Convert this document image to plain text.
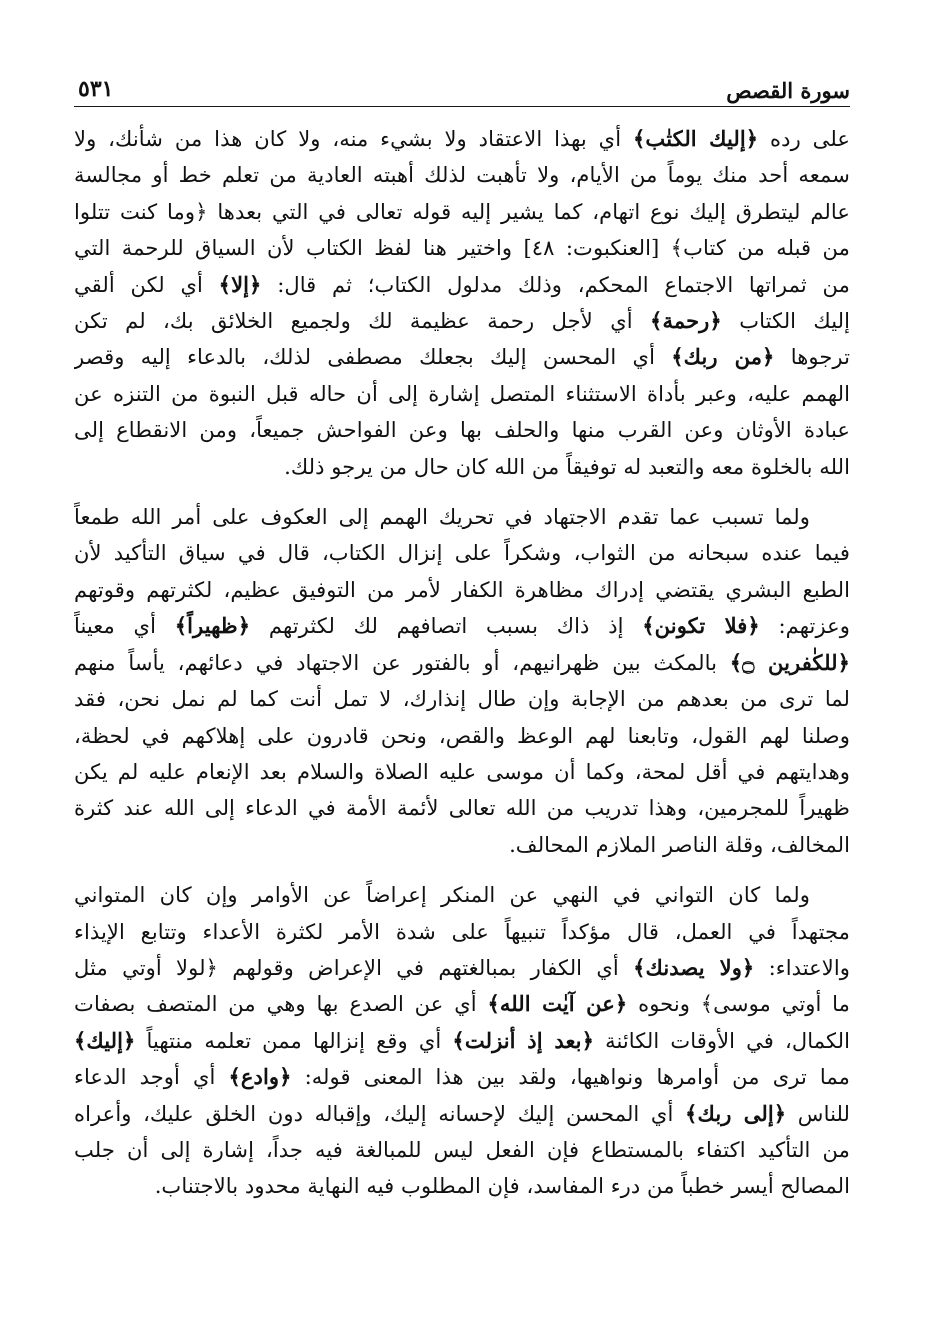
سورة القصص
٥٣١

على رده ﴿إليك الكتٰب﴾ أي بهذا الاعتقاد ولا بشيء منه، ولا كان هذا من شأنك، ولا
سمعه أحد منك يوماً من الأيام، ولا تأهبت لذلك أهبته العادية من تعلم خط أو مجالسة
عالم ليتطرق إليك نوع اتهام، كما يشير إليه قوله تعالى في التي بعدها ﴿وما كنت تتلوا
من قبله من كتاب﴾ [العنكبوت: ٤٨] واختير هنا لفظ الكتاب لأن السياق للرحمة التي
من ثمراتها الاجتماع المحكم، وذلك مدلول الكتاب؛ ثم قال: ﴿إلا﴾ أي لكن ألقي
إليك الكتاب ﴿رحمة﴾ أي لأجل رحمة عظيمة لك ولجميع الخلائق بك، لم تكن
ترجوها ﴿من ربك﴾ أي المحسن إليك بجعلك مصطفى لذلك، بالدعاء إليه وقصر
الهمم عليه، وعبر بأداة الاستثناء المتصل إشارة إلى أن حاله قبل النبوة من التنزه عن
عبادة الأوثان وعن القرب منها والحلف بها وعن الفواحش جميعاً، ومن الانقطاع إلى
الله بالخلوة معه والتعبد له توفيقاً من الله كان حال من يرجو ذلك.

ولما تسبب عما تقدم الاجتهاد في تحريك الهمم إلى العكوف على أمر الله طمعاً
فيما عنده سبحانه من الثواب، وشكراً على إنزال الكتاب، قال في سياق التأكيد لأن
الطبع البشري يقتضي إدراك مظاهرة الكفار لأمر من التوفيق عظيم، لكثرتهم وقوتهم
وعزتهم: ﴿فلا تكونن﴾ إذ ذاك بسبب اتصافهم لك لكثرتهم ﴿ظهيراً﴾ أي معيناً
﴿للكٰفرين ۝﴾ بالمكث بين ظهرانيهم، أو بالفتور عن الاجتهاد في دعائهم، يأساً منهم
لما ترى من بعدهم من الإجابة وإن طال إنذارك، لا تمل أنت كما لم نمل نحن، فقد
وصلنا لهم القول، وتابعنا لهم الوعظ والقص، ونحن قادرون على إهلاكهم في لحظة،
وهدايتهم في أقل لمحة، وكما أن موسى عليه الصلاة والسلام بعد الإنعام عليه لم يكن
ظهيراً للمجرمين، وهذا تدريب من الله تعالى لأئمة الأمة في الدعاء إلى الله عند كثرة
المخالف، وقلة الناصر الملازم المحالف.

ولما كان التواني في النهي عن المنكر إعراضاً عن الأوامر وإن كان المتواني
مجتهداً في العمل، قال مؤكداً تنبيهاً على شدة الأمر لكثرة الأعداء وتتابع الإيذاء
والاعتداء: ﴿ولا يصدنك﴾ أي الكفار بمبالغتهم في الإعراض وقولهم ﴿لولا أوتي مثل
ما أوتي موسى﴾ ونحوه ﴿عن آيٰت الله﴾ أي عن الصدع بها وهي من المتصف بصفات
الكمال، في الأوقات الكائنة ﴿بعد إذ أنزلت﴾ أي وقع إنزالها ممن تعلمه منتهياً ﴿إليك﴾
مما ترى من أوامرها ونواهيها، ولقد بين هذا المعنى قوله: ﴿وادع﴾ أي أوجد الدعاء
للناس ﴿إلى ربك﴾ أي المحسن إليك لإحسانه إليك، وإقباله دون الخلق عليك، وأعراه
من التأكيد اكتفاء بالمستطاع فإن الفعل ليس للمبالغة فيه جداً، إشارة إلى أن جلب
المصالح أيسر خطباً من درء المفاسد، فإن المطلوب فيه النهاية محدود بالاجتناب.
